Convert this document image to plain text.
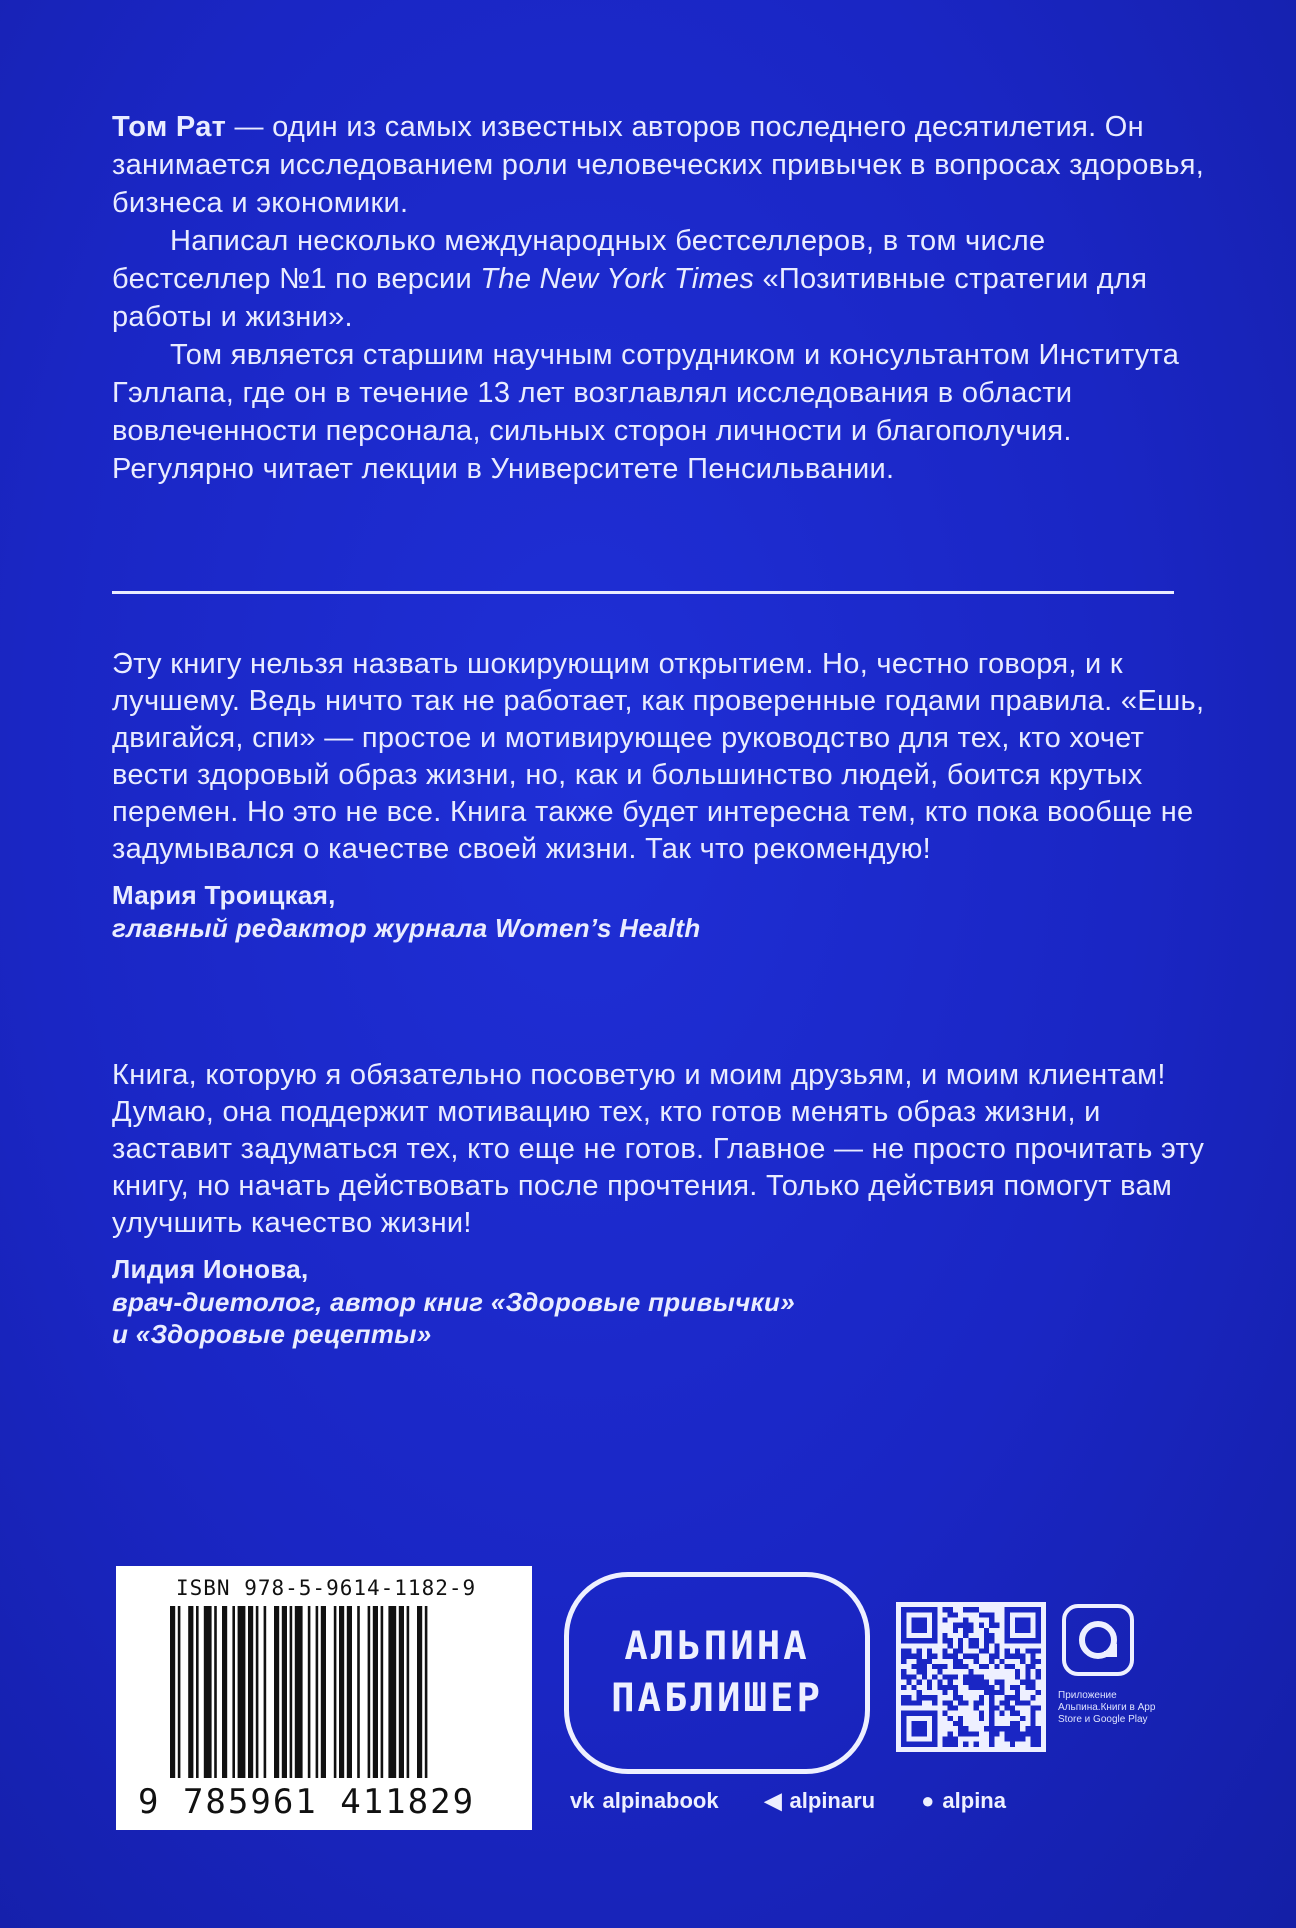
Том Рат — один из самых известных авторов последнего десятилетия. Он занимается исследованием роли человеческих привычек в вопросах здоровья, бизнеса и экономики.

Написал несколько международных бестселлеров, в том числе бестселлер №1 по версии The New York Times «Позитивные стратегии для работы и жизни».

Том является старшим научным сотрудником и консультантом Института Гэллапа, где он в течение 13 лет возглавлял исследования в области вовлеченности персонала, сильных сторон личности и благополучия.

Регулярно читает лекции в Университете Пенсильвании.

Эту книгу нельзя назвать шокирующим открытием. Но, честно говоря, и к лучшему. Ведь ничто так не работает, как проверенные годами правила. «Ешь, двигайся, спи» — простое и мотивирующее руководство для тех, кто хочет вести здоровый образ жизни, но, как и большинство людей, боится крутых перемен. Но это не все. Книга также будет интересна тем, кто пока вообще не задумывался о качестве своей жизни. Так что рекомендую!

Мария Троицкая,

главный редактор журнала Women’s Health

Книга, которую я обязательно посоветую и моим друзьям, и моим клиентам! Думаю, она поддержит мотивацию тех, кто готов менять образ жизни, и заставит задуматься тех, кто еще не готов. Главное — не просто прочитать эту книгу, но начать действовать после прочтения. Только действия помогут вам улучшить качество жизни!

Лидия Ионова,

врач-диетолог, автор книг «Здоровые привычки»

и «Здоровые рецепты»

ISBN 978-5-9614-1182-9
9 785961 411829
АЛЬПИНА
ПАБЛИШЕР	Приложение Альпина.Книги в App Store и Google Play
vk alpinabook ◀ alpinaru ● alpina
